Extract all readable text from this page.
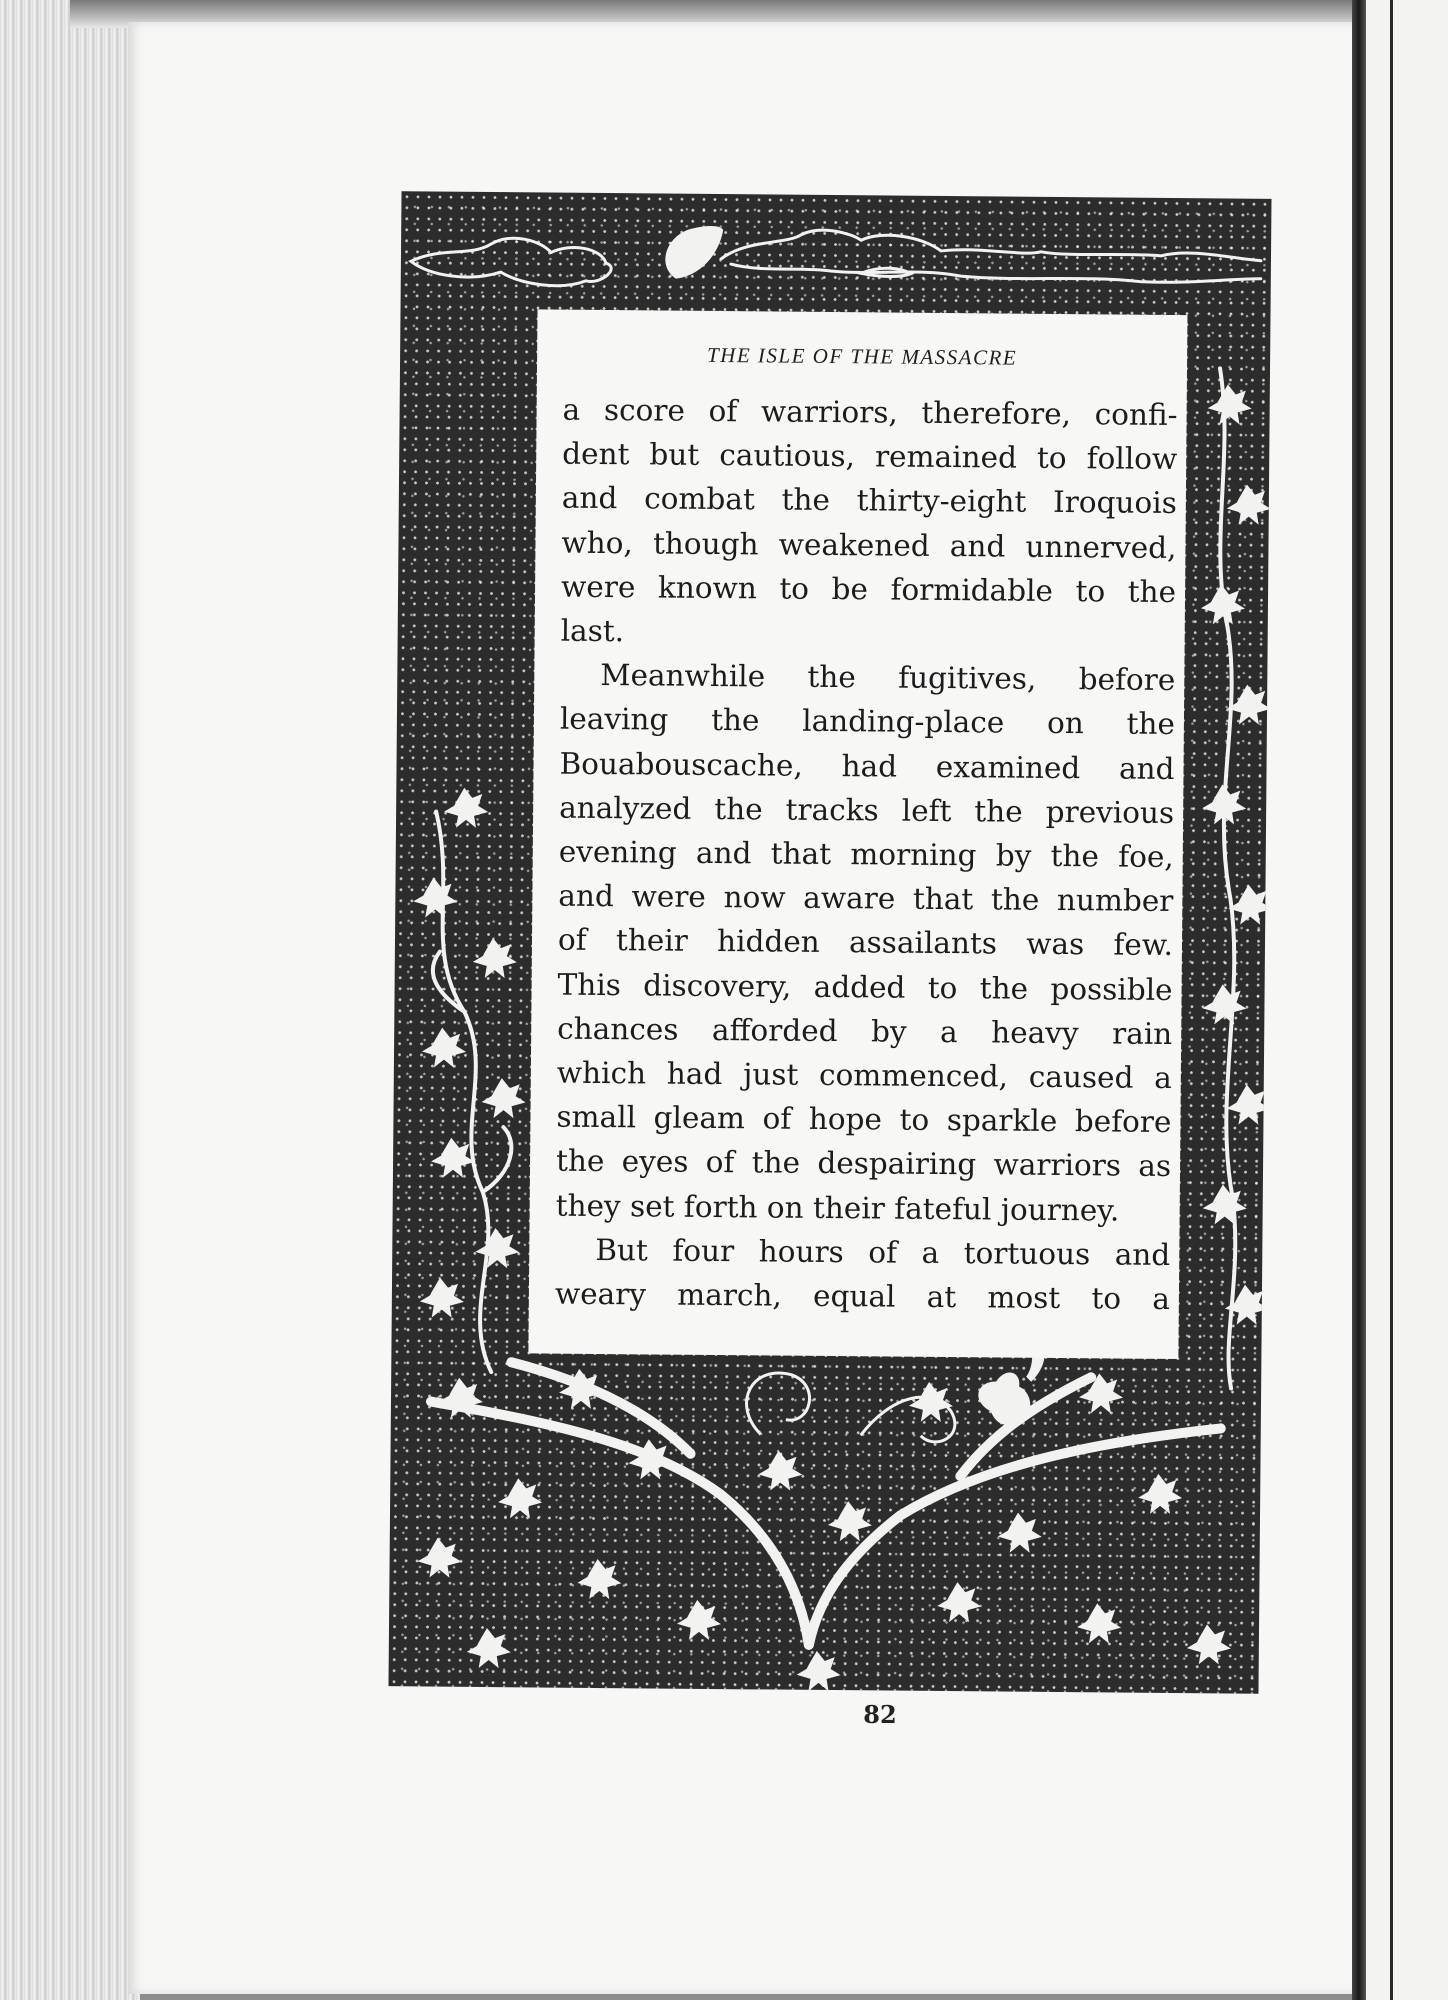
THE ISLE OF THE MASSACRE
a score of warriors, therefore, confi-
dent but cautious, remained to follow
and combat the thirty-eight Iroquois
who, though weakened and unnerved,
were known to be formidable to the
last.
Meanwhile the fugitives, before
leaving the landing-place on the
Bouabouscache, had examined and
analyzed the tracks left the previous
evening and that morning by the foe,
and were now aware that the number
of their hidden assailants was few.
This discovery, added to the possible
chances afforded by a heavy rain
which had just commenced, caused a
small gleam of hope to sparkle before
the eyes of the despairing warriors as
they set forth on their fateful journey.
But four hours of a tortuous and
weary march, equal at most to a
82
